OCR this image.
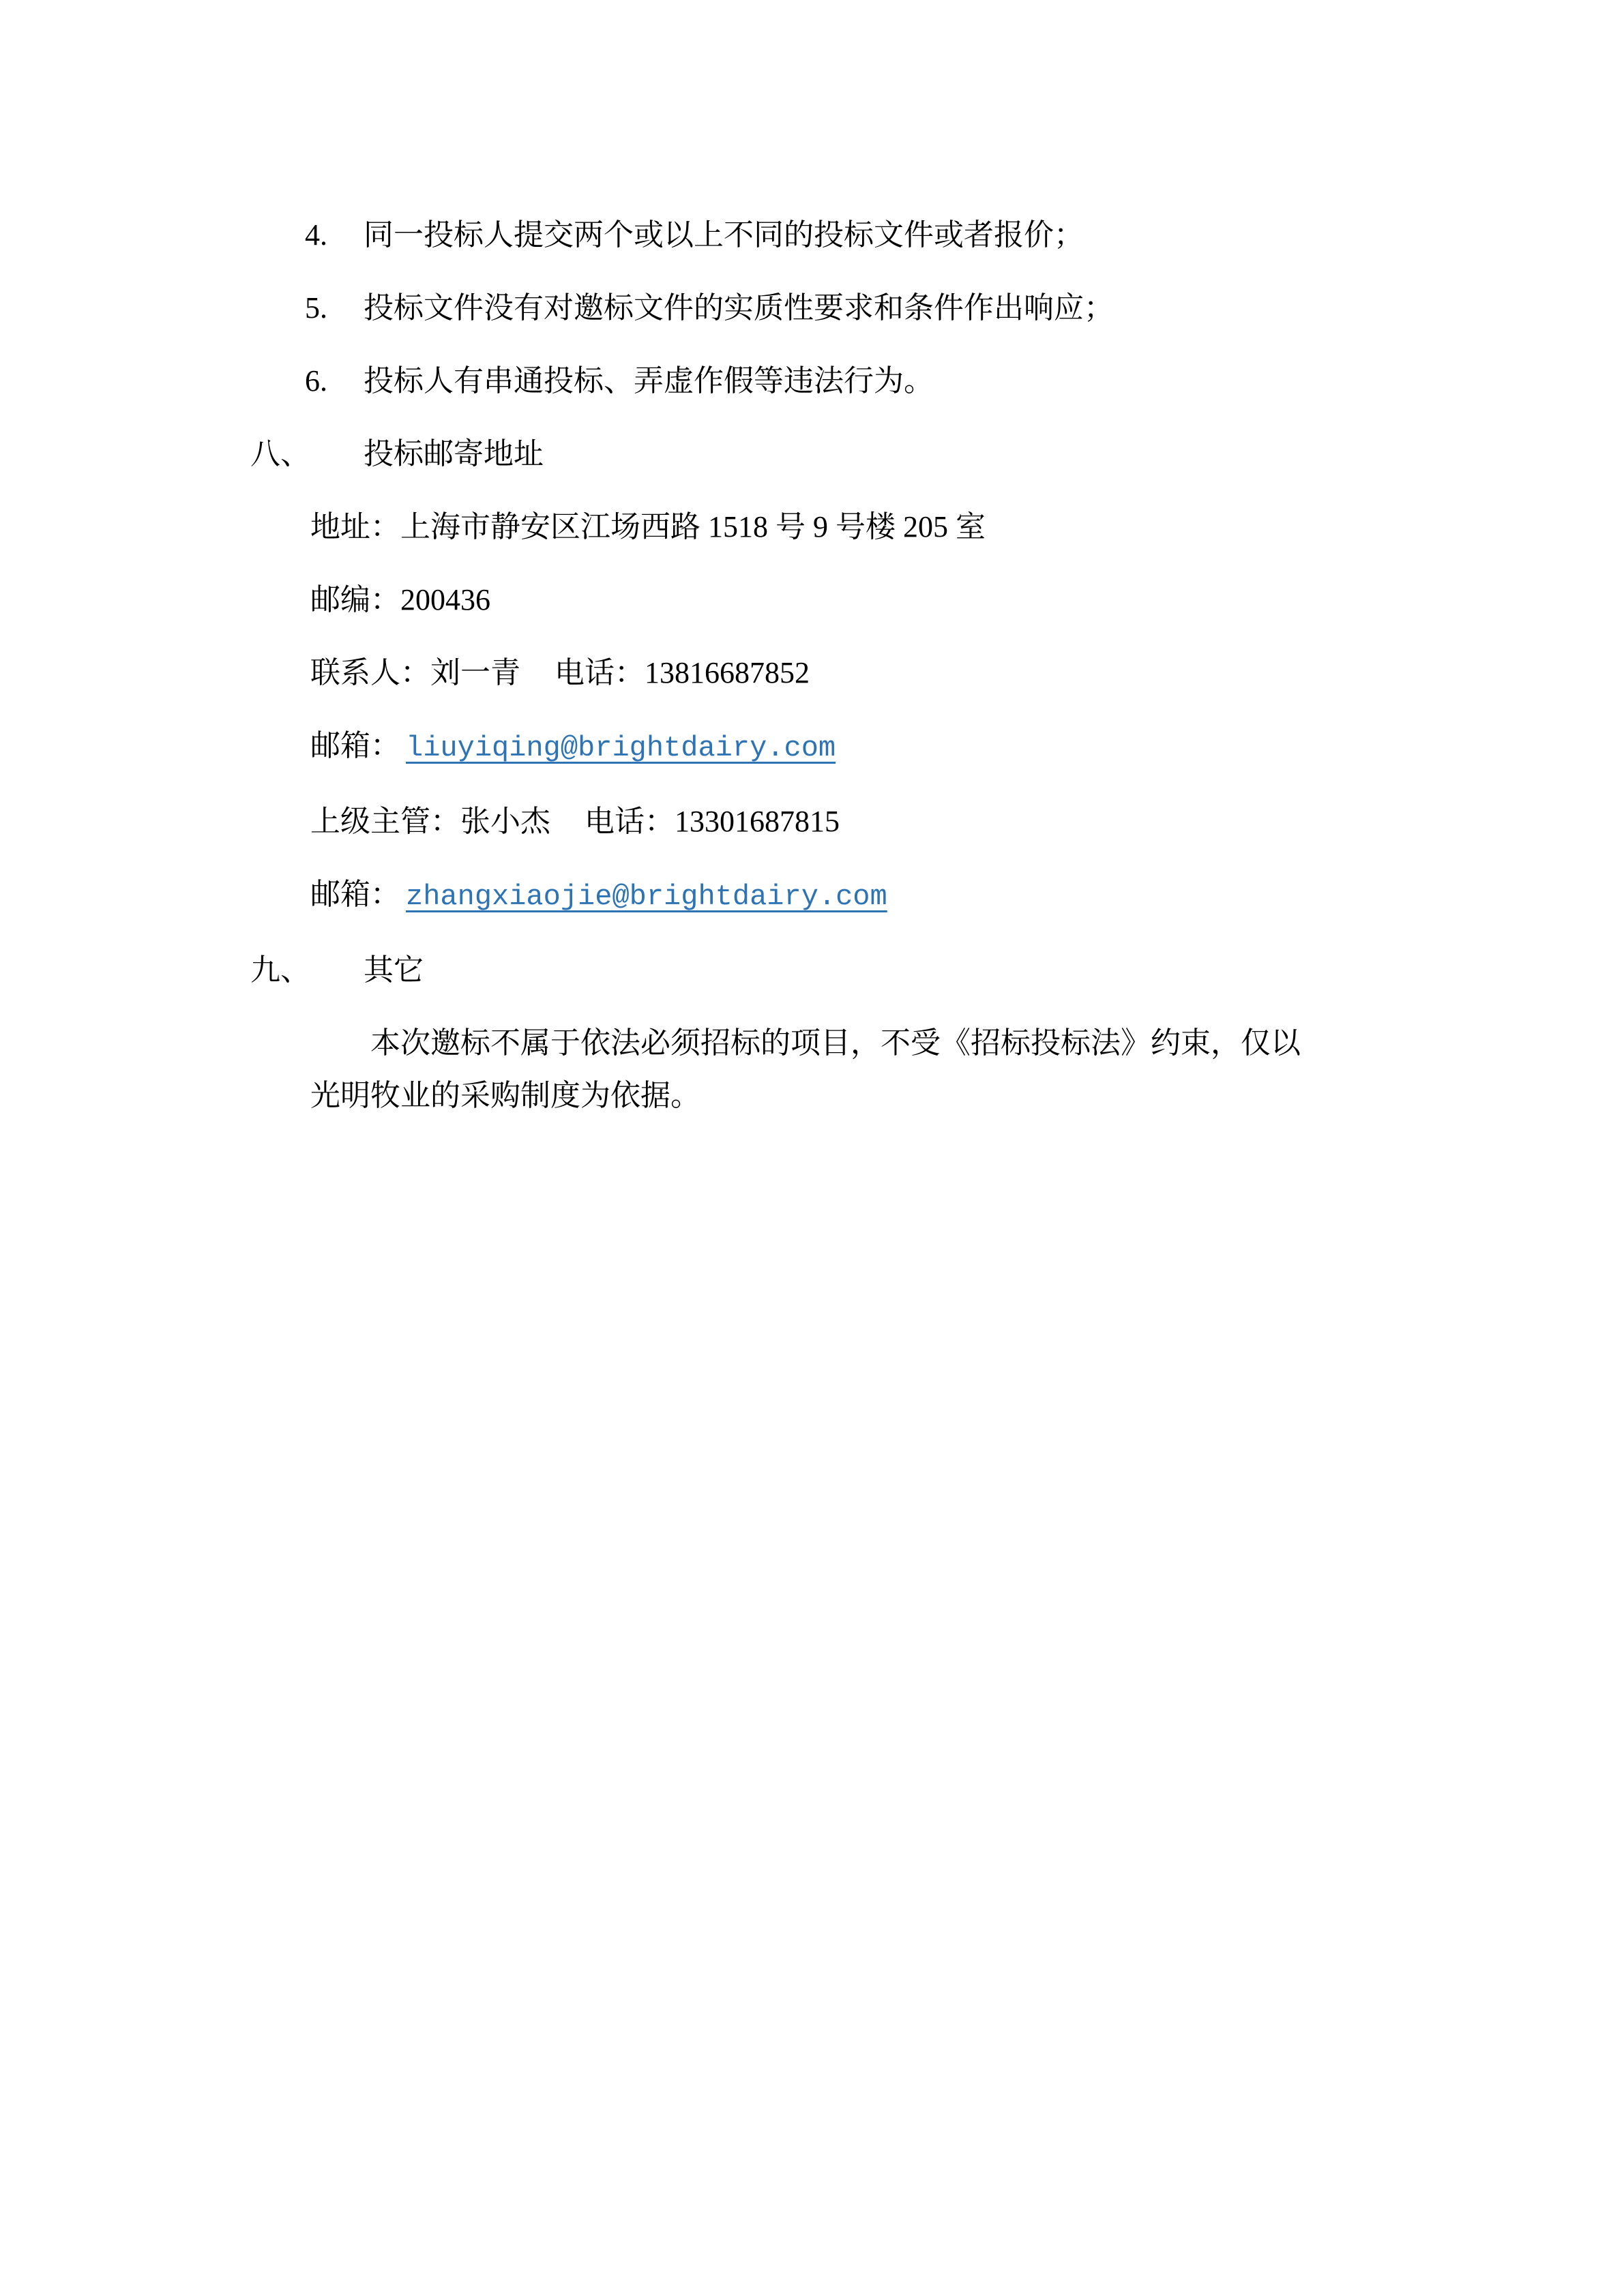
4. 同一投标人提交两个或以上不同的投标文件或者报价；
5. 投标文件没有对邀标文件的实质性要求和条件作出响应；
6. 投标人有串通投标、弄虚作假等违法行为。
八、 投标邮寄地址
地址：上海市静安区江场西路 1518 号 9 号楼 205 室
邮编：200436
联系人：刘一青 电话：13816687852
邮箱： liuyiqing@brightdairy.com
上级主管：张小杰 电话：13301687815
邮箱： zhangxiaojie@brightdairy.com
九、 其它
本次邀标不属于依法必须招标的项目，不受《招标投标法》约束，仅以光明牧业的采购制度为依据。
